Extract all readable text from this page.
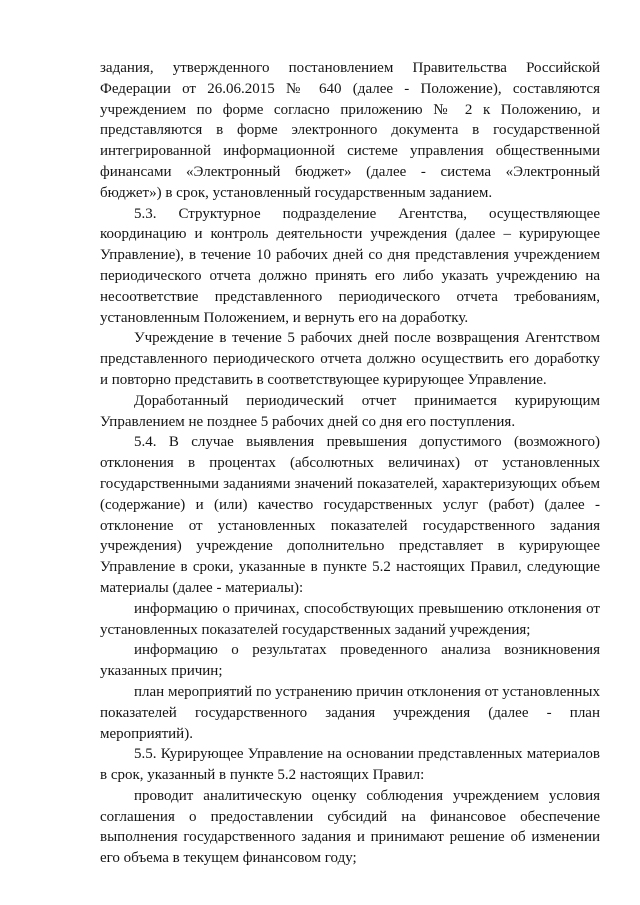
задания, утвержденного постановлением Правительства Российской Федерации от 26.06.2015 № 640 (далее - Положение), составляются учреждением по форме согласно приложению № 2 к Положению, и представляются в форме электронного документа в государственной интегрированной информационной системе управления общественными финансами «Электронный бюджет» (далее - система «Электронный бюджет») в срок, установленный государственным заданием.

5.3. Структурное подразделение Агентства, осуществляющее координацию и контроль деятельности учреждения (далее – курирующее Управление), в течение 10 рабочих дней со дня представления учреждением периодического отчета должно принять его либо указать учреждению на несоответствие представленного периодического отчета требованиям, установленным Положением, и вернуть его на доработку.

Учреждение в течение 5 рабочих дней после возвращения Агентством представленного периодического отчета должно осуществить его доработку и повторно представить в соответствующее курирующее Управление.

Доработанный периодический отчет принимается курирующим Управлением не позднее 5 рабочих дней со дня его поступления.

5.4. В случае выявления превышения допустимого (возможного) отклонения в процентах (абсолютных величинах) от установленных государственными заданиями значений показателей, характеризующих объем (содержание) и (или) качество государственных услуг (работ) (далее - отклонение от установленных показателей государственного задания учреждения) учреждение дополнительно представляет в курирующее Управление в сроки, указанные в пункте 5.2 настоящих Правил, следующие материалы (далее - материалы):

информацию о причинах, способствующих превышению отклонения от установленных показателей государственных заданий учреждения;

информацию о результатах проведенного анализа возникновения указанных причин;

план мероприятий по устранению причин отклонения от установленных показателей государственного задания учреждения (далее - план мероприятий).

5.5. Курирующее Управление на основании представленных материалов в срок, указанный в пункте 5.2 настоящих Правил:

проводит аналитическую оценку соблюдения учреждением условия соглашения о предоставлении субсидий на финансовое обеспечение выполнения государственного задания и принимают решение об изменении его объема в текущем финансовом году;
